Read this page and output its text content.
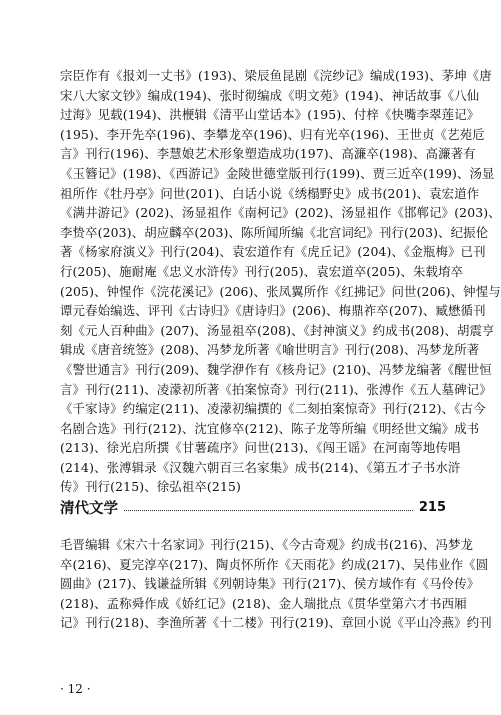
宗臣作有《报刘一丈书》(193)、梁辰鱼昆剧《浣纱记》编成(193)、茅坤《唐
宋八大家文钞》编成(194)、张时彻编成《明文苑》(194)、神话故事《八仙
过海》见载(194)、洪楩辑《清平山堂话本》(195)、付梓《快嘴李翠莲记》
(195)、李开先卒(196)、李攀龙卒(196)、归有光卒(196)、王世贞《艺苑卮
言》刊行(196)、李慧娘艺术形象塑造成功(197)、高濂卒(198)、高濂著有
《玉簪记》(198)、《西游记》金陵世德堂版刊行(199)、贾三近卒(199)、汤显
祖所作《牡丹亭》问世(201)、白话小说《绣榻野史》成书(201)、袁宏道作
《满井游记》(202)、汤显祖作《南柯记》(202)、汤显祖作《邯郸记》(203)、
李贽卒(203)、胡应麟卒(203)、陈所闻所编《北宫词纪》刊行(203)、纪振伦
著《杨家府演义》刊行(204)、袁宏道作有《虎丘记》(204)、《金瓶梅》已刊
行(205)、施耐庵《忠义水浒传》刊行(205)、袁宏道卒(205)、朱载堉卒
(205)、钟惺作《浣花溪记》(206)、张凤翼所作《红拂记》问世(206)、钟惺与
谭元春始编选、评刊《古诗归》《唐诗归》(206)、梅鼎祚卒(207)、臧懋循刊
刻《元人百种曲》(207)、汤显祖卒(208)、《封神演义》约成书(208)、胡震亨
辑成《唐音统签》(208)、冯梦龙所著《喻世明言》刊行(208)、冯梦龙所著
《警世通言》刊行(209)、魏学洢作有《核舟记》(210)、冯梦龙编著《醒世恒
言》刊行(211)、凌濛初所著《拍案惊奇》刊行(211)、张溥作《五人墓碑记》
《千家诗》约编定(211)、凌濛初编撰的《二刻拍案惊奇》刊行(212)、《古今
名剧合选》刊行(212)、沈宜修卒(212)、陈子龙等所编《明经世文编》成书
(213)、徐光启所撰《甘薯疏序》问世(213)、《闯王谣》在河南等地传唱
(214)、张溥辑录《汉魏六朝百三名家集》成书(214)、《第五才子书水浒
传》刊行(215)、徐弘祖卒(215)
清代文学	215
毛晋编辑《宋六十名家词》刊行(215)、《今古奇观》约成书(216)、冯梦龙
卒(216)、夏完淳卒(217)、陶贞怀所作《天雨花》约成(217)、吴伟业作《圆
圆曲》(217)、钱谦益所辑《列朝诗集》刊行(217)、侯方域作有《马伶传》
(218)、孟称舜作成《娇红记》(218)、金人瑞批点《贯华堂第六才书西厢
记》刊行(218)、李渔所著《十二楼》刊行(219)、章回小说《平山冷燕》约刊
· 12 ·
